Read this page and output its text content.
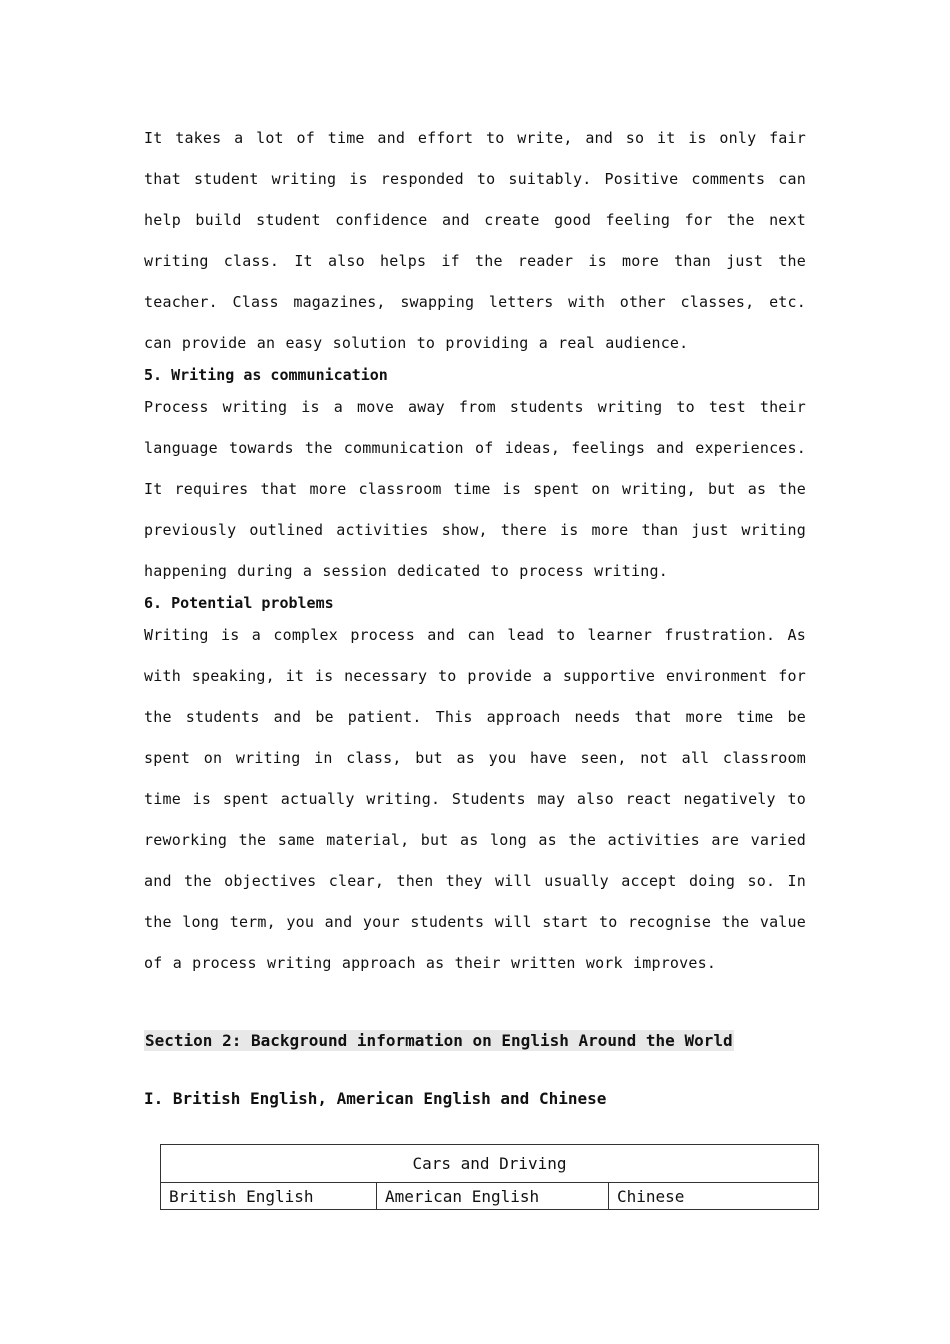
It takes a lot of time and effort to write, and so it is only fair that student writing is responded to suitably. Positive comments can help build student confidence and create good feeling for the next writing class. It also helps if the reader is more than just the teacher. Class magazines, swapping letters with other classes, etc. can provide an easy solution to providing a real audience.

5. Writing as communication

Process writing is a move away from students writing to test their language towards the communication of ideas, feelings and experiences. It requires that more classroom time is spent on writing, but as the previously outlined activities show, there is more than just writing happening during a session dedicated to process writing.

6. Potential problems

Writing is a complex process and can lead to learner frustration. As with speaking, it is necessary to provide a supportive environment for the students and be patient. This approach needs that more time be spent on writing in class, but as you have seen, not all classroom time is spent actually writing. Students may also react negatively to reworking the same material, but as long as the activities are varied and the objectives clear, then they will usually accept doing so. In the long term, you and your students will start to recognise the value of a process writing approach as their written work improves.

Section 2: Background information on English Around the World
I. British English, American English and Chinese
Cars and Driving
British English	American English	Chinese
